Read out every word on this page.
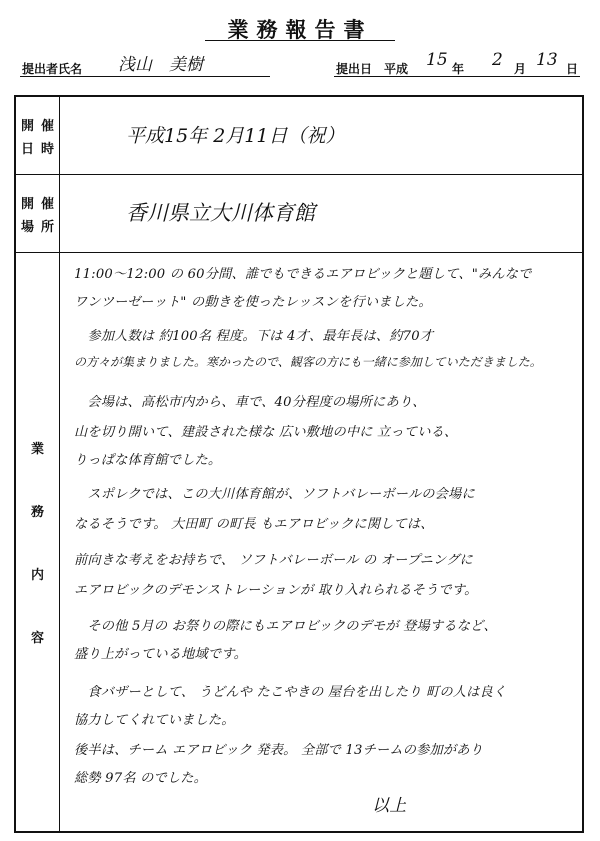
業務報告書
提出者氏名 浅山　美樹	提出日 平成 15 年 2 月 13 日
開 催
日 時
平成15年 2月11日（祝）
開 催
場 所
香川県立大川体育館
業
務
内
容
11:00～12:00 の 60分間、誰でもできるエアロビックと題して、"みんなで
ワンツーゼーット" の動きを使ったレッスンを行いました。
　参加人数は 約100名 程度。下は 4才、最年長は、約70才
の方々が集まりました。寒かったので、観客の方にも一緒に参加していただきました。
　会場は、高松市内から、車で、40分程度の場所にあり、
山を切り開いて、建設された様な 広い敷地の中に 立っている、
りっぱな体育館でした。
　スポレクでは、この大川体育館が、ソフトバレーボールの会場に
なるそうです。 大田町 の町長 もエアロビックに関しては、
前向きな考えをお持ちで、 ソフトバレーボール の オープニングに
エアロビックのデモンストレーションが 取り入れられるそうです。
　その他 5月の お祭りの際にもエアロビックのデモが 登場するなど、
盛り上がっている地域です。
　食バザーとして、 うどんや たこやきの 屋台を出したり 町の人は良く
協力してくれていました。
後半は、チーム エアロビック 発表。 全部で 13チームの参加があり
総勢 97名 のでした。
以上
